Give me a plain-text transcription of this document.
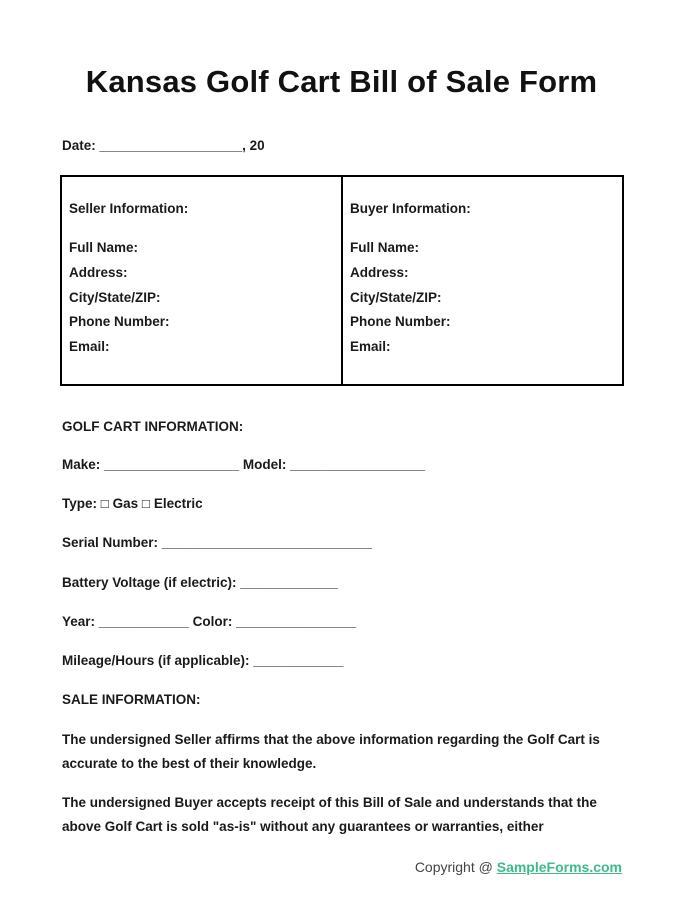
Kansas Golf Cart Bill of Sale Form
Date: ___________________, 20
Seller Information:
Full Name:
Address:
City/State/ZIP:
Phone Number:
Email:
Buyer Information:
Full Name:
Address:
City/State/ZIP:
Phone Number:
Email:
GOLF CART INFORMATION:
Make: __________________ Model: __________________
Type: □ Gas □ Electric
Serial Number: ____________________________
Battery Voltage (if electric): _____________
Year: ____________ Color: ________________
Mileage/Hours (if applicable): ____________
SALE INFORMATION:
The undersigned Seller affirms that the above information regarding the Golf Cart is accurate to the best of their knowledge.
The undersigned Buyer accepts receipt of this Bill of Sale and understands that the above Golf Cart is sold "as-is" without any guarantees or warranties, either
Copyright @ SampleForms.com
